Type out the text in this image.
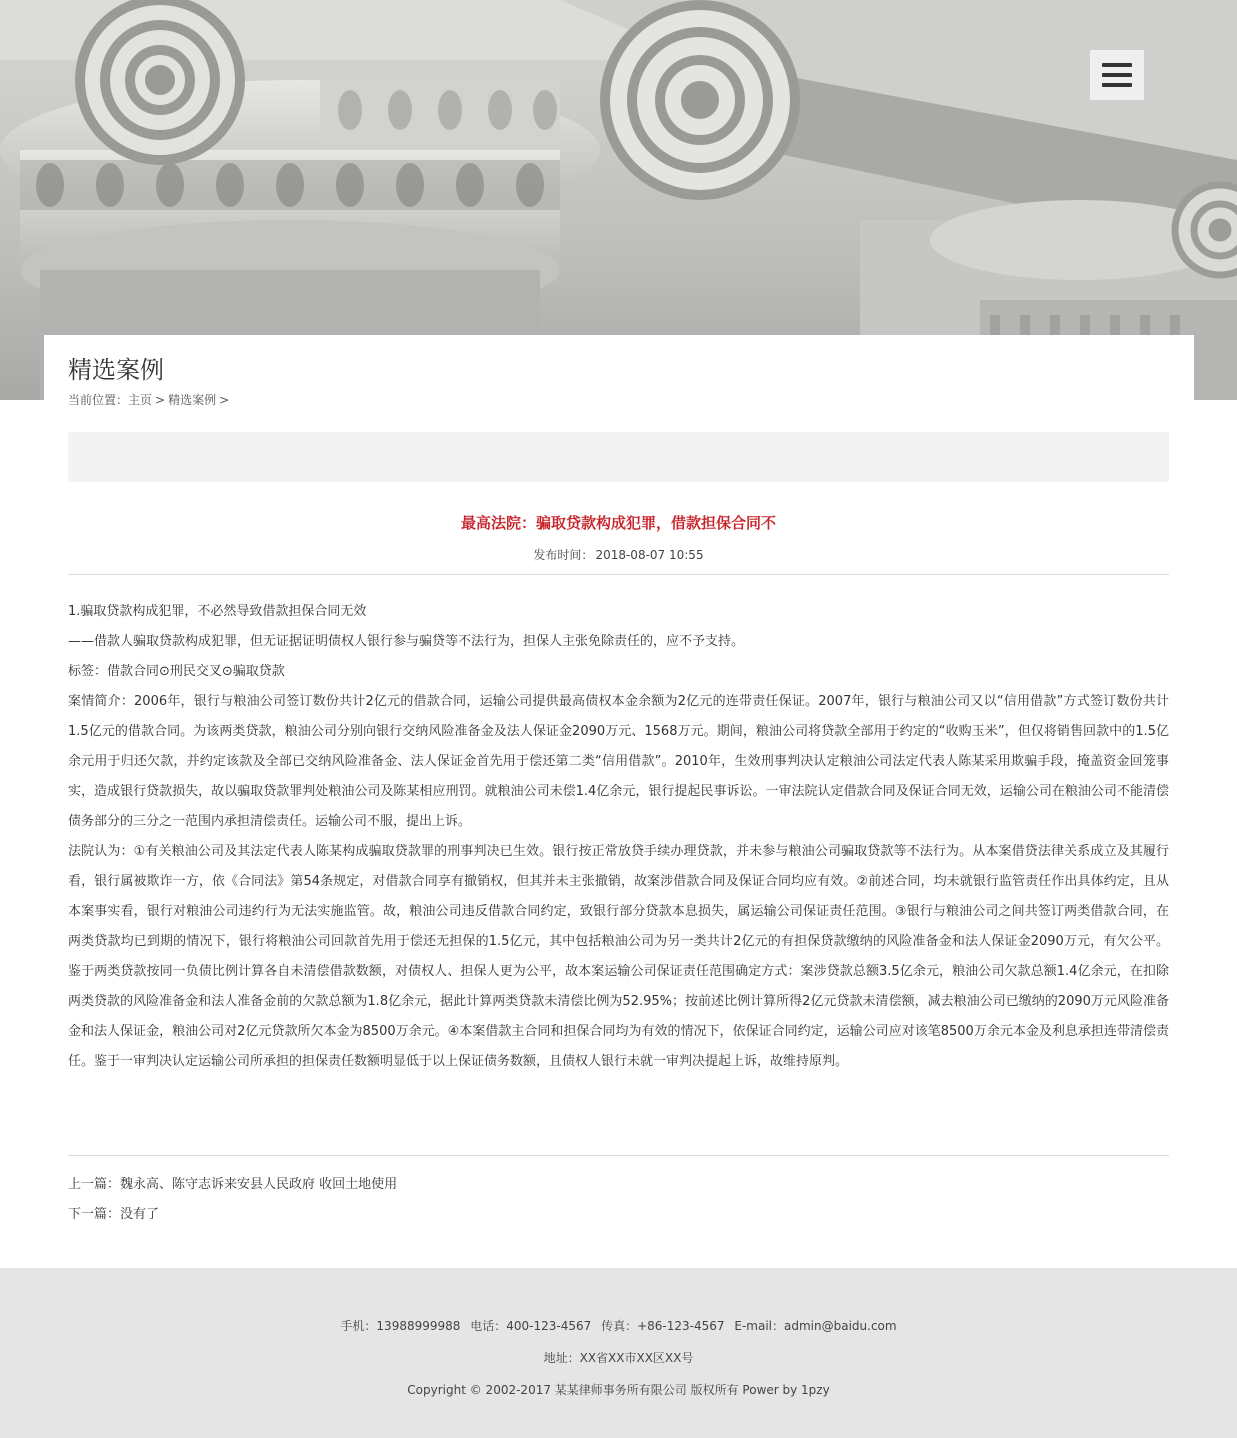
精选案例
当前位置：主页 > 精选案例 >
最高法院：骗取贷款构成犯罪，借款担保合同不
发布时间： 2018-08-07 10:55

1.骗取贷款构成犯罪，不必然导致借款担保合同无效

——借款人骗取贷款构成犯罪，但无证据证明债权人银行参与骗贷等不法行为，担保人主张免除责任的，应不予支持。

标签：借款合同⊙刑民交叉⊙骗取贷款

案情简介：2006年，银行与粮油公司签订数份共计2亿元的借款合同，运输公司提供最高债权本金余额为2亿元的连带责任保证。2007年，银行与粮油公司又以“信用借款”方式签订数份共计1.5亿元的借款合同。为该两类贷款，粮油公司分别向银行交纳风险准备金及法人保证金2090万元、1568万元。期间，粮油公司将贷款全部用于约定的“收购玉米”，但仅将销售回款中的1.5亿余元用于归还欠款，并约定该款及全部已交纳风险准备金、法人保证金首先用于偿还第二类“信用借款”。2010年，生效刑事判决认定粮油公司法定代表人陈某采用欺骗手段，掩盖资金回笼事实，造成银行贷款损失，故以骗取贷款罪判处粮油公司及陈某相应刑罚。就粮油公司未偿1.4亿余元，银行提起民事诉讼。一审法院认定借款合同及保证合同无效，运输公司在粮油公司不能清偿债务部分的三分之一范围内承担清偿责任。运输公司不服，提出上诉。

法院认为：①有关粮油公司及其法定代表人陈某构成骗取贷款罪的刑事判决已生效。银行按正常放贷手续办理贷款，并未参与粮油公司骗取贷款等不法行为。从本案借贷法律关系成立及其履行看，银行属被欺诈一方，依《合同法》第54条规定，对借款合同享有撤销权，但其并未主张撤销，故案涉借款合同及保证合同均应有效。②前述合同，均未就银行监管责任作出具体约定，且从本案事实看，银行对粮油公司违约行为无法实施监管。故，粮油公司违反借款合同约定，致银行部分贷款本息损失，属运输公司保证责任范围。③银行与粮油公司之间共签订两类借款合同，在两类贷款均已到期的情况下，银行将粮油公司回款首先用于偿还无担保的1.5亿元，其中包括粮油公司为另一类共计2亿元的有担保贷款缴纳的风险准备金和法人保证金2090万元，有欠公平。鉴于两类贷款按同一负债比例计算各自未清偿借款数额，对债权人、担保人更为公平，故本案运输公司保证责任范围确定方式：案涉贷款总额3.5亿余元，粮油公司欠款总额1.4亿余元，在扣除两类贷款的风险准备金和法人准备金前的欠款总额为1.8亿余元，据此计算两类贷款未清偿比例为52.95%；按前述比例计算所得2亿元贷款未清偿额，减去粮油公司已缴纳的2090万元风险准备金和法人保证金，粮油公司对2亿元贷款所欠本金为8500万余元。④本案借款主合同和担保合同均为有效的情况下，依保证合同约定，运输公司应对该笔8500万余元本金及利息承担连带清偿责任。鉴于一审判决认定运输公司所承担的担保责任数额明显低于以上保证债务数额，且债权人银行未就一审判决提起上诉，故维持原判。

上一篇：魏永高、陈守志诉来安县人民政府 收回土地使用
下一篇：没有了
手机：13988999988 电话：400-123-4567 传真：+86-123-4567 E-mail：admin@baidu.com
地址：XX省XX市XX区XX号
Copyright © 2002-2017 某某律师事务所有限公司 版权所有 Power by 1pzy
